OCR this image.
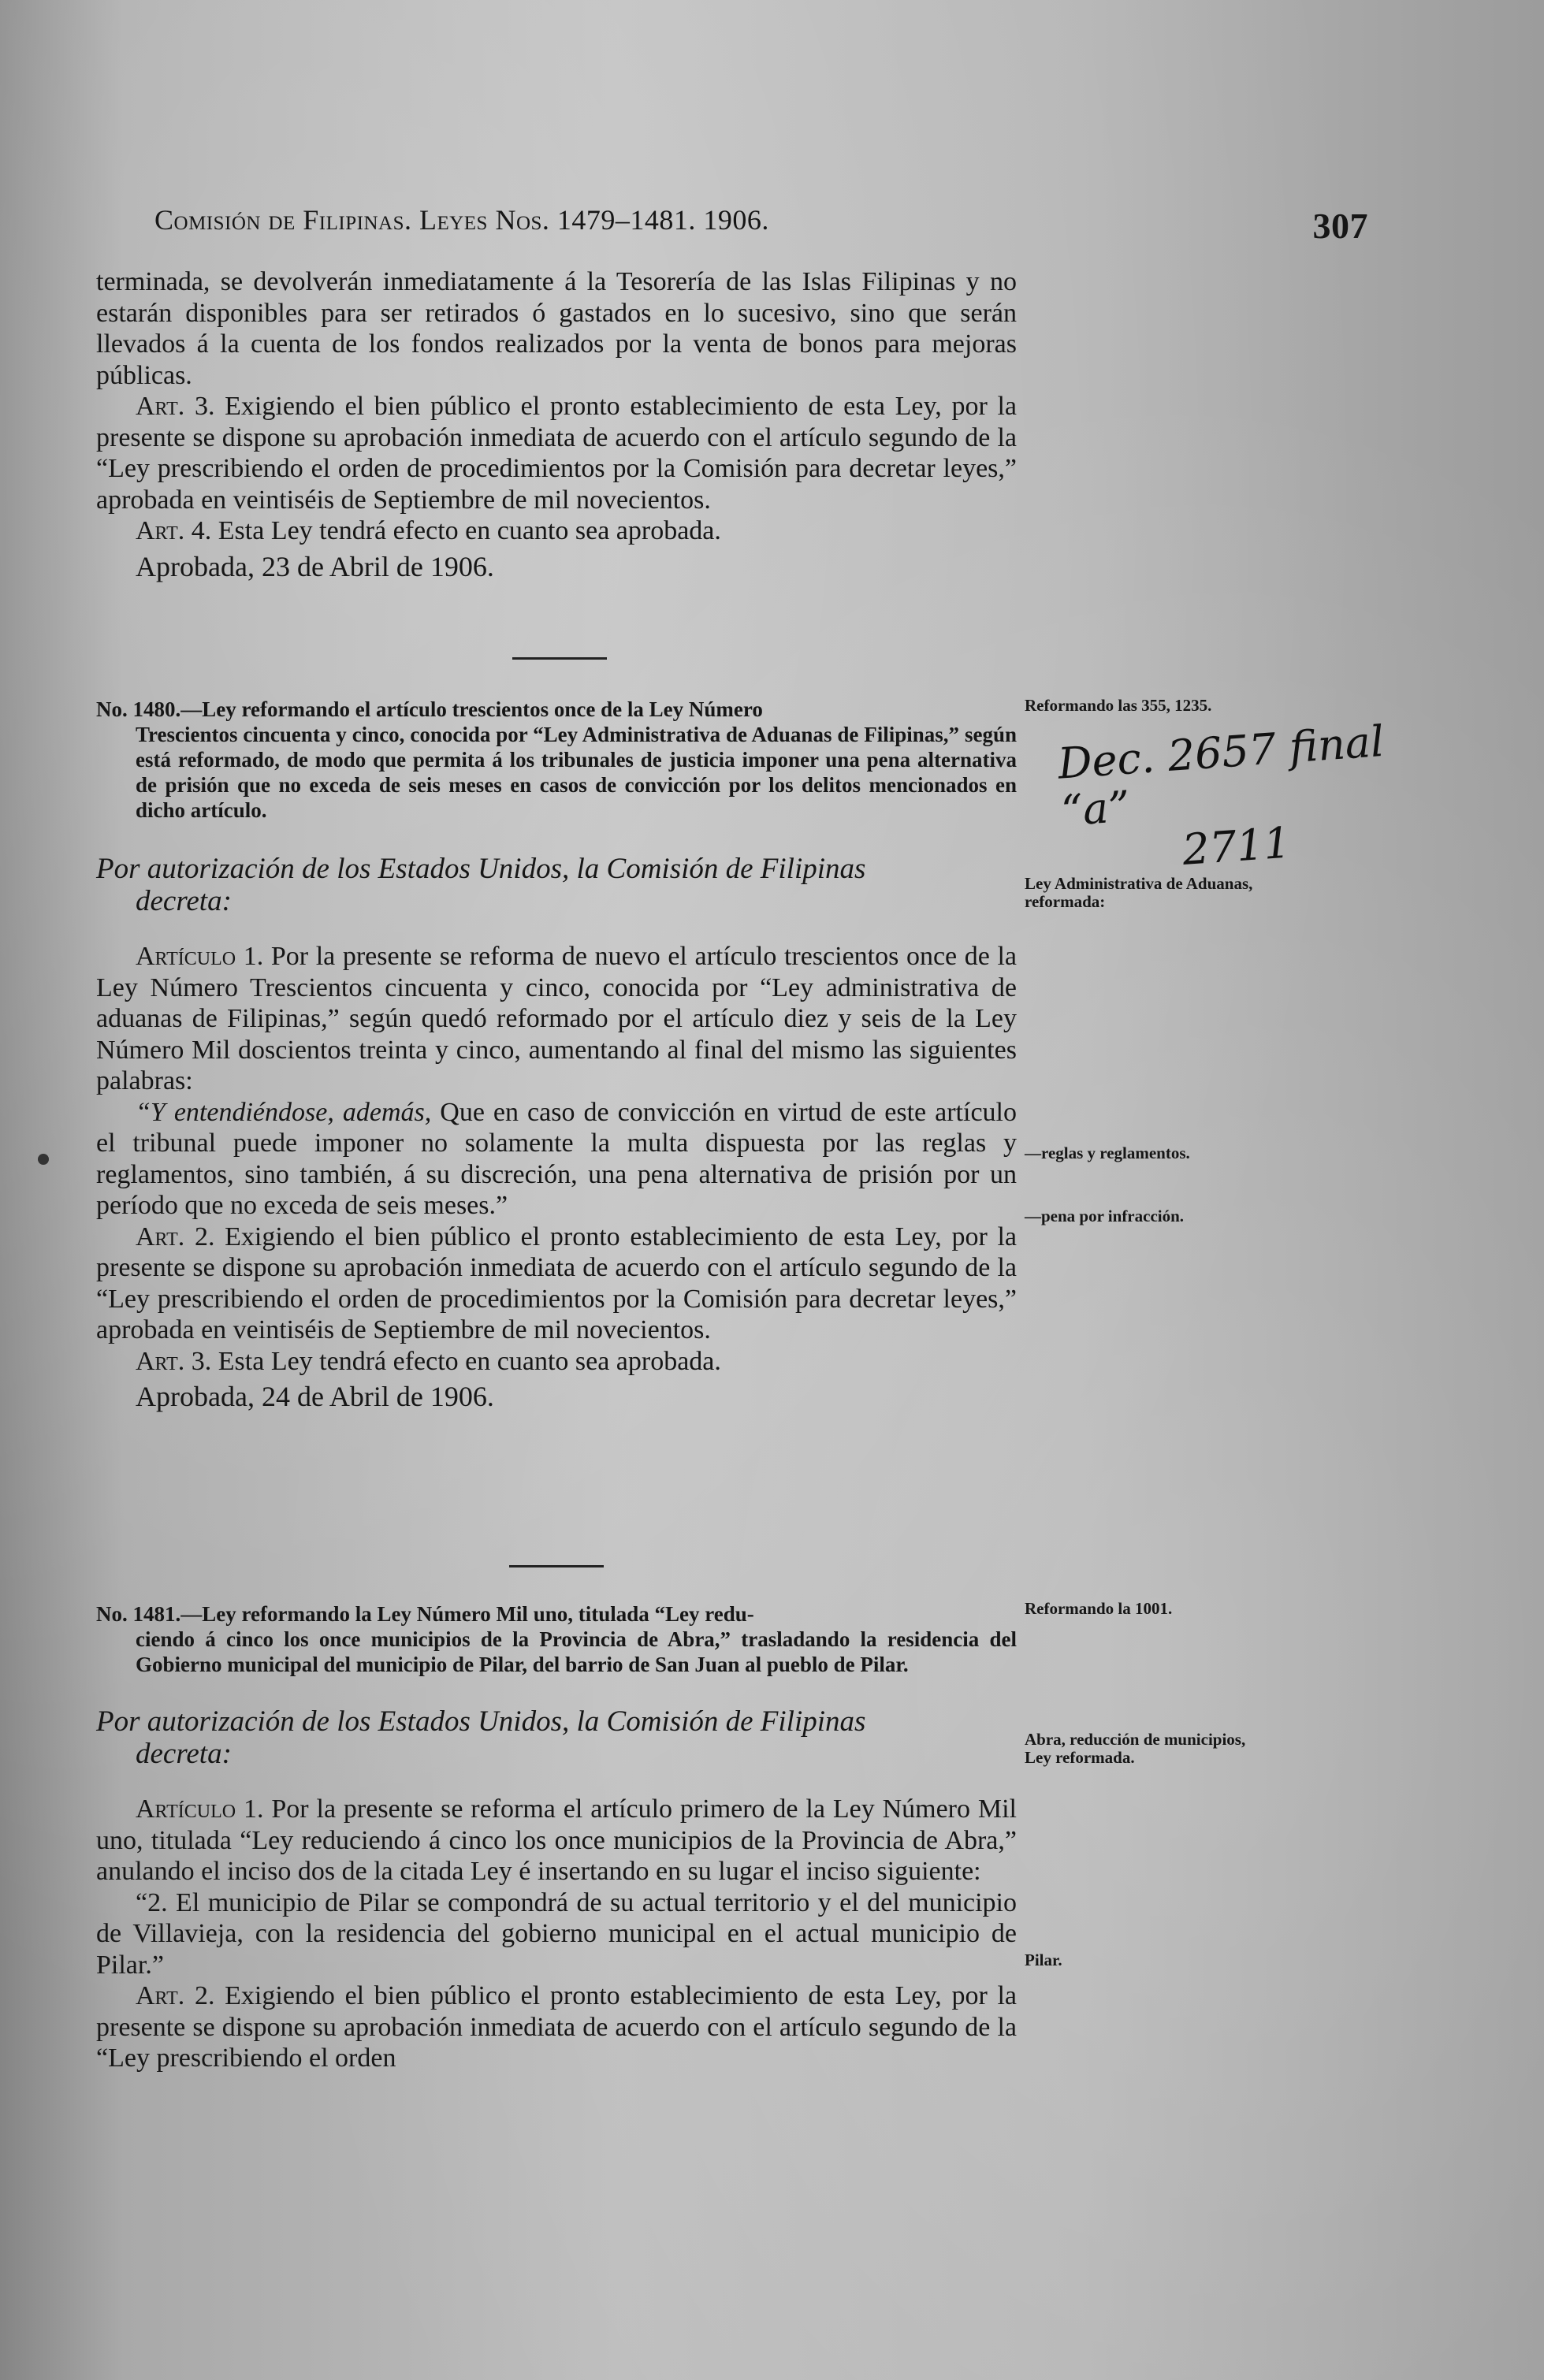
Comisión de Filipinas. Leyes Nos. 1479–1481. 1906.	307

terminada, se devolverán inmediatamente á la Tesorería de las Islas Filipinas y no estarán disponibles para ser retirados ó gastados en lo sucesivo, sino que serán llevados á la cuenta de los fondos realizados por la venta de bonos para mejoras públicas.

Art. 3. Exigiendo el bien público el pronto establecimiento de esta Ley, por la presente se dispone su aprobación inmediata de acuerdo con el artículo segundo de la “Ley prescribiendo el orden de procedimientos por la Comisión para decretar leyes,” aprobada en veintiséis de Septiembre de mil novecientos.

Art. 4. Esta Ley tendrá efecto en cuanto sea aprobada.

Aprobada, 23 de Abril de 1906.

No. 1480.—Ley reformando el artículo trescientos once de la Ley Número
Trescientos cincuenta y cinco, conocida por “Ley Administrativa de Aduanas de Filipinas,” según está reformado, de modo que permita á los tribunales de justicia imponer una pena alternativa de prisión que no exceda de seis meses en casos de convicción por los delitos mencionados en dicho artículo.

Por autorización de los Estados Unidos, la Comisión de Filipinas
decreta:

Artículo 1. Por la presente se reforma de nuevo el artículo trescientos once de la Ley Número Trescientos cincuenta y cinco, conocida por “Ley administrativa de aduanas de Filipinas,” según quedó reformado por el artículo diez y seis de la Ley Número Mil doscientos treinta y cinco, aumentando al final del mismo las siguientes palabras:

“Y entendiéndose, además, Que en caso de convicción en virtud de este artículo el tribunal puede imponer no solamente la multa dispuesta por las reglas y reglamentos, sino también, á su discreción, una pena alternativa de prisión por un período que no exceda de seis meses.”

Art. 2. Exigiendo el bien público el pronto establecimiento de esta Ley, por la presente se dispone su aprobación inmediata de acuerdo con el artículo segundo de la “Ley prescribiendo el orden de procedimientos por la Comisión para decretar leyes,” aprobada en veintiséis de Septiembre de mil novecientos.

Art. 3. Esta Ley tendrá efecto en cuanto sea aprobada.

Aprobada, 24 de Abril de 1906.

Reformando las 355, 1235.
Ley Administrativa de Aduanas, reformada:
—reglas y reglamentos.
—pena por infracción.
Dec. 2657 final “a”
2711

No. 1481.—Ley reformando la Ley Número Mil uno, titulada “Ley redu-
ciendo á cinco los once municipios de la Provincia de Abra,” trasladando la residencia del Gobierno municipal del municipio de Pilar, del barrio de San Juan al pueblo de Pilar.

Por autorización de los Estados Unidos, la Comisión de Filipinas
decreta:

Artículo 1. Por la presente se reforma el artículo primero de la Ley Número Mil uno, titulada “Ley reduciendo á cinco los once municipios de la Provincia de Abra,” anulando el inciso dos de la citada Ley é insertando en su lugar el inciso siguiente:

“2. El municipio de Pilar se compondrá de su actual territorio y el del municipio de Villavieja, con la residencia del gobierno municipal en el actual municipio de Pilar.”

Art. 2. Exigiendo el bien público el pronto establecimiento de esta Ley, por la presente se dispone su aprobación inmediata de acuerdo con el artículo segundo de la “Ley prescribiendo el orden

Reformando la 1001.
Abra, reducción de municipios, Ley reformada.
Pilar.
